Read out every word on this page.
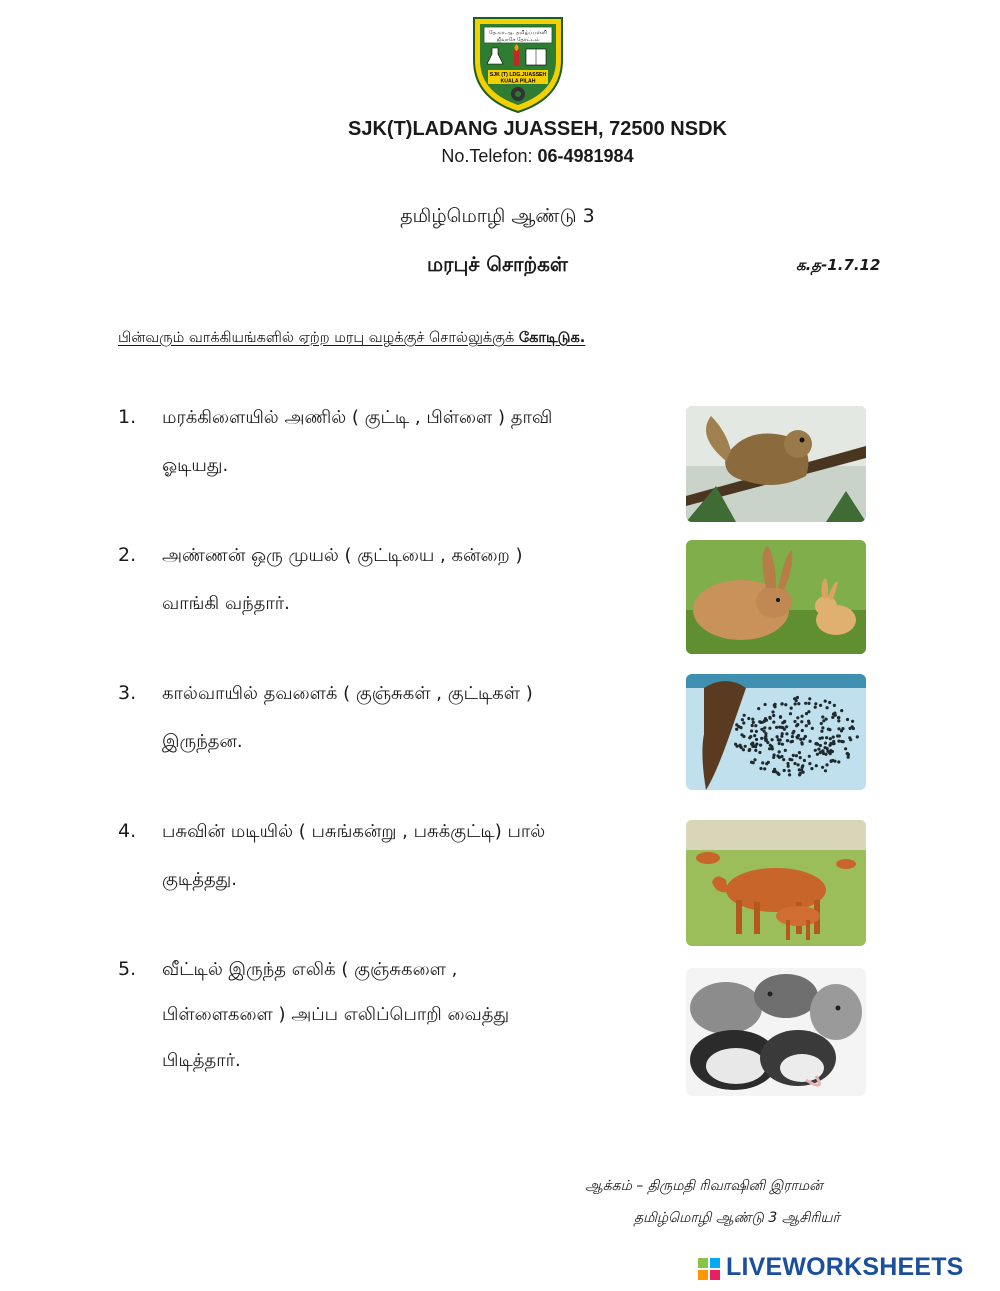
தே.மா.ஆ. தமிழ்ப்பள்ளி
ஜீவாசே தோட்டம்
SJK (T) LDG.JUASSEH
KUALA PILAH
SJK(T)LADANG JUASSEH, 72500 NSDK
No.Telefon: 06-4981984
தமிழ்மொழி ஆண்டு 3
மரபுச் சொற்கள்	க.த-1.7.12
பின்வரும் வாக்கியங்களில் ஏற்ற மரபு வழக்குச் சொல்லுக்குக் கோடிடுக.
1. மரக்கிளையில் அணில் ( குட்டி , பிள்ளை ) தாவி
ஓடியது.
2. அண்ணன் ஒரு முயல் ( குட்டியை , கன்றை )
வாங்கி வந்தார்.
3. கால்வாயில் தவளைக் ( குஞ்சுகள் , குட்டிகள் )
இருந்தன.
4. பசுவின் மடியில் ( பசுங்கன்று , பசுக்குட்டி) பால்
குடித்தது.
5. வீட்டில் இருந்த எலிக் ( குஞ்சுகளை ,
பிள்ளைகளை ) அப்ப எலிப்பொறி வைத்து
பிடித்தார்.
ஆக்கம் – திருமதி ரிவாஷினி இராமன்
தமிழ்மொழி ஆண்டு 3 ஆசிரியர்
LIVEWORKSHEETS
